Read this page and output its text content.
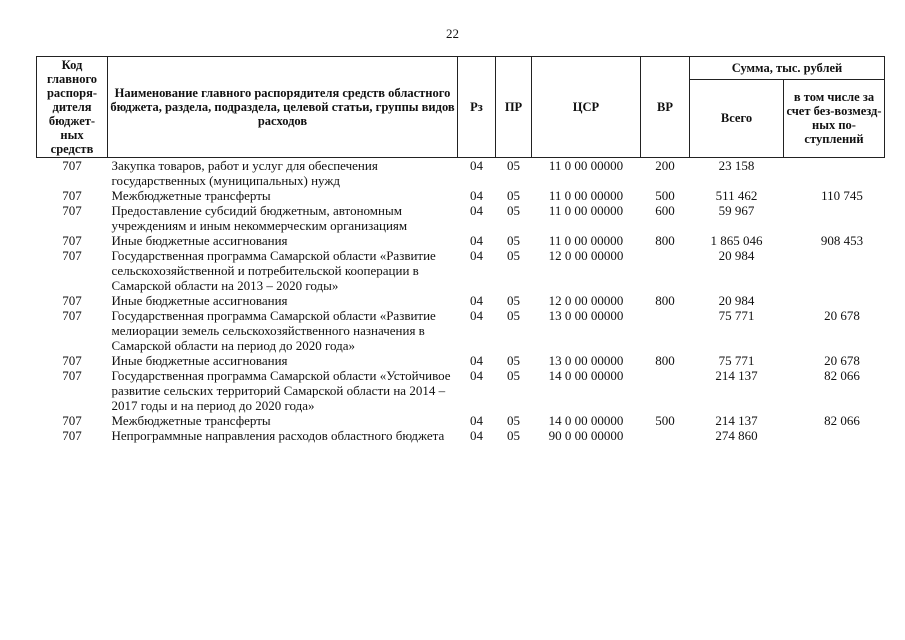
22
Код главного распоря-дителя бюджет-ных средств	Наименование главного распорядителя средств областного бюджета, раздела, подраздела, целевой статьи, группы видов расходов	Рз	ПР	ЦСР	ВР	Сумма, тыс. рублей	
						Всего	в том числе за счет без-возмезд-ных по-ступлений
707	Закупка товаров, работ и услуг для обеспечения государственных (муниципальных) нужд	04	05	11 0 00 00000	200	23 158	
707	Межбюджетные трансферты	04	05	11 0 00 00000	500	511 462	110 745
707	Предоставление субсидий бюджетным, автономным учреждениям и иным некоммерческим организациям	04	05	11 0 00 00000	600	59 967	
707	Иные бюджетные ассигнования	04	05	11 0 00 00000	800	1 865 046	908 453
707	Государственная программа Самарской области «Развитие сельскохозяйственной и потребительской кооперации в Самарской области на 2013 – 2020 годы»	04	05	12 0 00 00000		20 984	
707	Иные бюджетные ассигнования	04	05	12 0 00 00000	800	20 984	
707	Государственная программа Самарской области «Развитие мелиорации земель сельскохозяйственного назначения в Самарской области на период до 2020 года»	04	05	13 0 00 00000		75 771	20 678
707	Иные бюджетные ассигнования	04	05	13 0 00 00000	800	75 771	20 678
707	Государственная программа Самарской области «Устойчивое развитие сельских территорий Самарской области на 2014 – 2017 годы и на период до 2020 года»	04	05	14 0 00 00000		214 137	82 066
707	Межбюджетные трансферты	04	05	14 0 00 00000	500	214 137	82 066
707	Непрограммные направления расходов областного бюджета	04	05	90 0 00 00000		274 860	
